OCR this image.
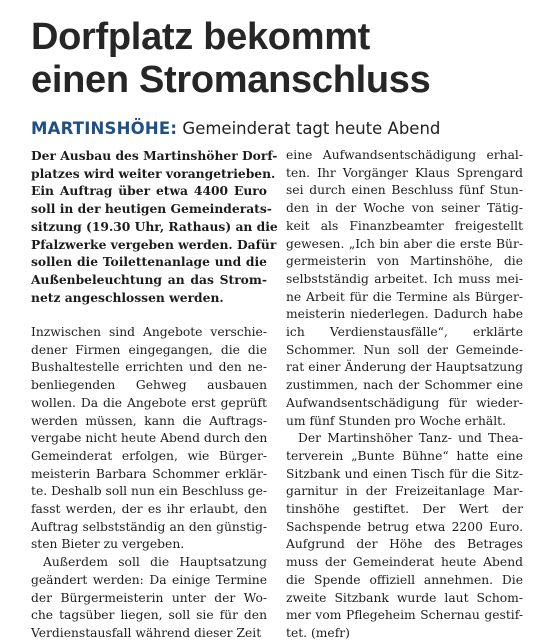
Dorfplatz bekommt
einen Stromanschluss
MARTINSHÖHE: Gemeinderat tagt heute Abend
Der Ausbau des Martinshöher Dorf-
platzes wird weiter vorangetrieben.
Ein Auftrag über etwa 4400 Euro
soll in der heutigen Gemeinderats-
sitzung (19.30 Uhr, Rathaus) an die
Pfalzwerke vergeben werden. Dafür
sollen die Toilettenanlage und die
Außenbeleuchtung an das Strom-
netz angeschlossen werden.
Inzwischen sind Angebote verschie-
dener Firmen eingegangen, die die
Bushaltestelle errichten und den ne-
benliegenden Gehweg ausbauen
wollen. Da die Angebote erst geprüft
werden müssen, kann die Auftrags-
vergabe nicht heute Abend durch den
Gemeinderat erfolgen, wie Bürger-
meisterin Barbara Schommer erklär-
te. Deshalb soll nun ein Beschluss ge-
fasst werden, der es ihr erlaubt, den
Auftrag selbstständig an den günstig-
sten Bieter zu vergeben.
Außerdem soll die Hauptsatzung
geändert werden: Da einige Termine
der Bürgermeisterin unter der Wo-
che tagsüber liegen, soll sie für den
Verdienstausfall während dieser Zeit
eine Aufwandsentschädigung erhal-
ten. Ihr Vorgänger Klaus Sprengard
sei durch einen Beschluss fünf Stun-
den in der Woche von seiner Tätig-
keit als Finanzbeamter freigestellt
gewesen. „Ich bin aber die erste Bür-
germeisterin von Martinshöhe, die
selbstständig arbeitet. Ich muss mei-
ne Arbeit für die Termine als Bürger-
meisterin niederlegen. Dadurch habe
ich Verdienstausfälle“, erklärte
Schommer. Nun soll der Gemeinde-
rat einer Änderung der Hauptsatzung
zustimmen, nach der Schommer eine
Aufwandsentschädigung für wieder-
um fünf Stunden pro Woche erhält.
Der Martinshöher Tanz- und Thea-
terverein „Bunte Bühne“ hatte eine
Sitzbank und einen Tisch für die Sitz-
garnitur in der Freizeitanlage Mar-
tinshöhe gestiftet. Der Wert der
Sachspende betrug etwa 2200 Euro.
Aufgrund der Höhe des Betrages
muss der Gemeinderat heute Abend
die Spende offiziell annehmen. Die
zweite Sitzbank wurde laut Schom-
mer vom Pflegeheim Schernau gestif-
tet. (mefr)
